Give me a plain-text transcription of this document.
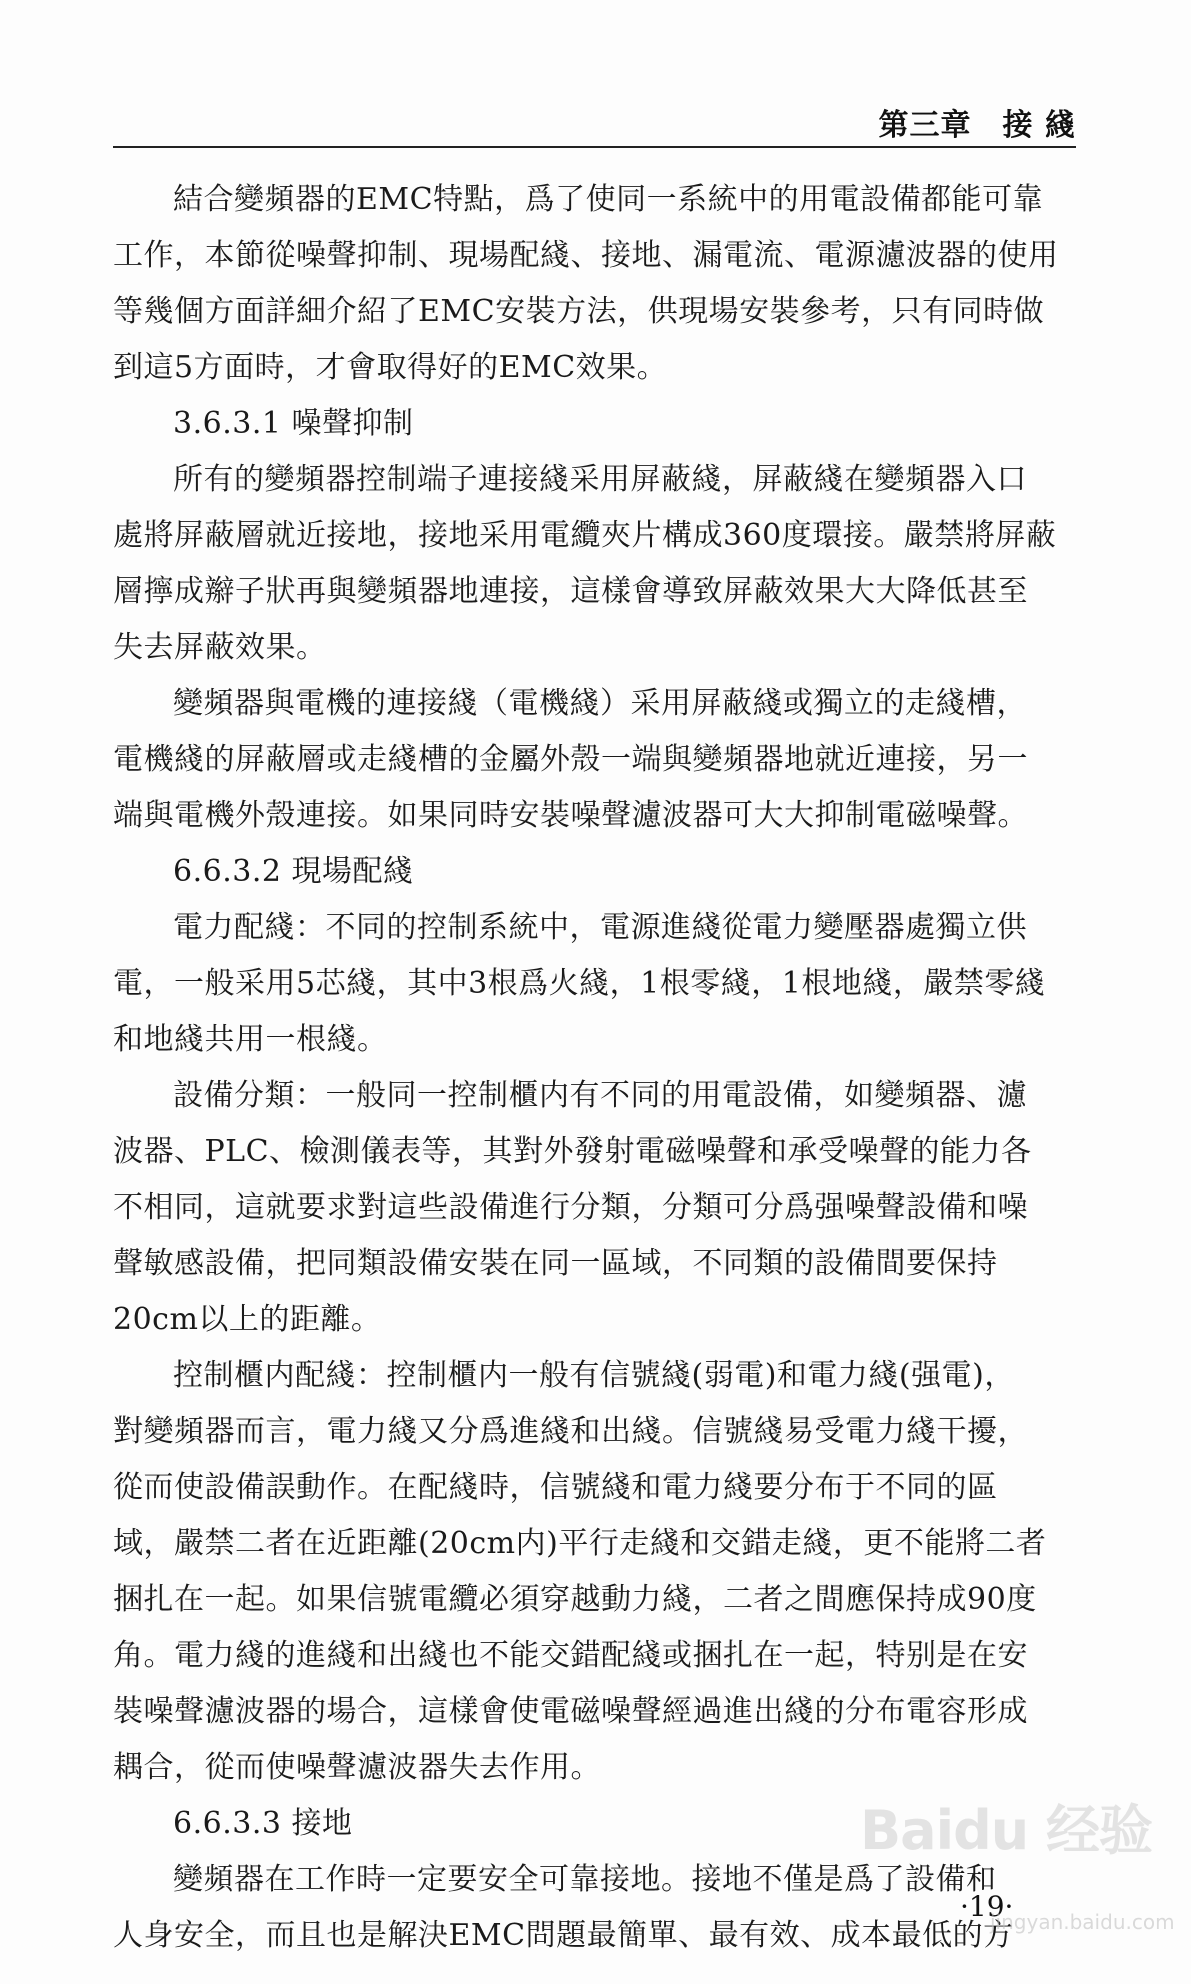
第三章　接 綫
結合變頻器的EMC特點，爲了使同一系統中的用電設備都能可靠
工作，本節從噪聲抑制、現場配綫、接地、漏電流、電源濾波器的使用
等幾個方面詳細介紹了EMC安裝方法，供現場安裝參考，只有同時做
到這5方面時，才會取得好的EMC效果。
3.6.3.1 噪聲抑制
所有的變頻器控制端子連接綫采用屏蔽綫，屏蔽綫在變頻器入口
處將屏蔽層就近接地，接地采用電纜夾片構成360度環接。嚴禁將屏蔽
層擰成辮子狀再與變頻器地連接，這樣會導致屏蔽效果大大降低甚至
失去屏蔽效果。
變頻器與電機的連接綫（電機綫）采用屏蔽綫或獨立的走綫槽，
電機綫的屏蔽層或走綫槽的金屬外殼一端與變頻器地就近連接，另一
端與電機外殼連接。如果同時安裝噪聲濾波器可大大抑制電磁噪聲。
6.6.3.2 現場配綫
電力配綫：不同的控制系統中，電源進綫從電力變壓器處獨立供
電，一般采用5芯綫，其中3根爲火綫，1根零綫，1根地綫，嚴禁零綫
和地綫共用一根綫。
設備分類：一般同一控制櫃内有不同的用電設備，如變頻器、濾
波器、PLC、檢測儀表等，其對外發射電磁噪聲和承受噪聲的能力各
不相同，這就要求對這些設備進行分類，分類可分爲强噪聲設備和噪
聲敏感設備，把同類設備安裝在同一區域，不同類的設備間要保持
20cm以上的距離。
控制櫃内配綫：控制櫃内一般有信號綫(弱電)和電力綫(强電)，
對變頻器而言，電力綫又分爲進綫和出綫。信號綫易受電力綫干擾，
從而使設備誤動作。在配綫時，信號綫和電力綫要分布于不同的區
域，嚴禁二者在近距離(20cm内)平行走綫和交錯走綫，更不能將二者
捆扎在一起。如果信號電纜必須穿越動力綫，二者之間應保持成90度
角。電力綫的進綫和出綫也不能交錯配綫或捆扎在一起，特别是在安
裝噪聲濾波器的場合，這樣會使電磁噪聲經過進出綫的分布電容形成
耦合，從而使噪聲濾波器失去作用。
6.6.3.3 接地
變頻器在工作時一定要安全可靠接地。接地不僅是爲了設備和
人身安全，而且也是解決EMC問題最簡單、最有效、成本最低的方
·19·
Baidu 经验
jingyan.baidu.com
